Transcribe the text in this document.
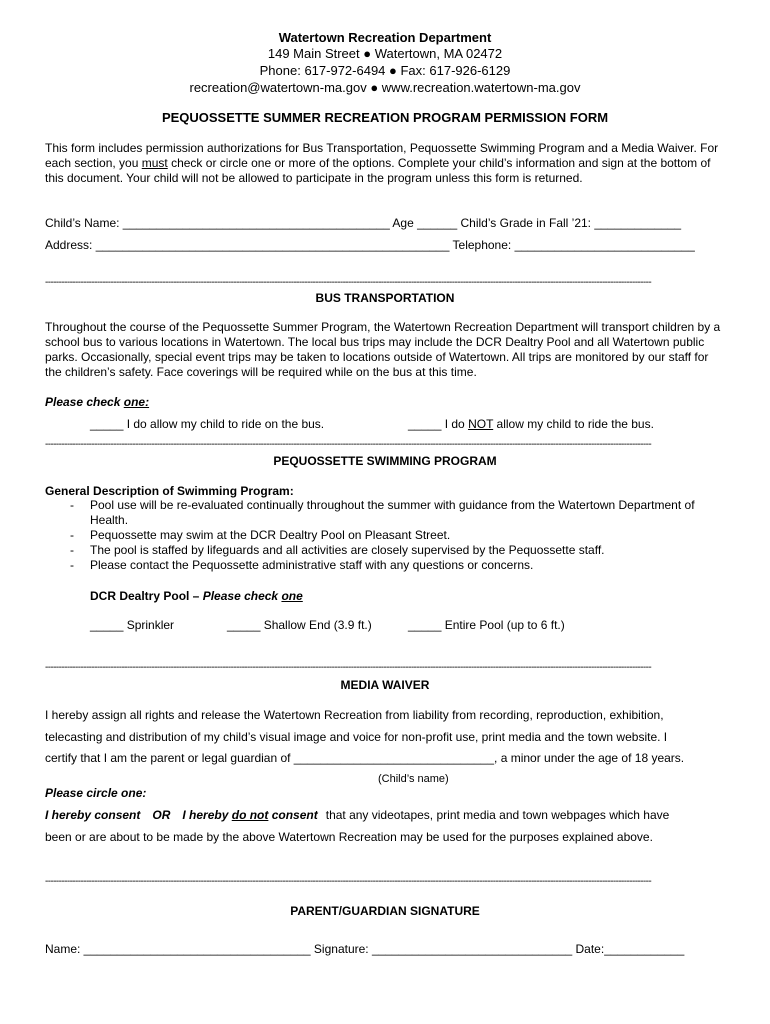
Watertown Recreation Department
149 Main Street ● Watertown, MA 02472
Phone: 617-972-6494 ● Fax: 617-926-6129
recreation@watertown-ma.gov ● www.recreation.watertown-ma.gov
PEQUOSSETTE SUMMER RECREATION PROGRAM PERMISSION FORM
This form includes permission authorizations for Bus Transportation, Pequossette Swimming Program and a Media Waiver. For each section, you must check or circle one or more of the options. Complete your child’s information and sign at the bottom of this document. Your child will not be allowed to participate in the program unless this form is returned.
Child’s Name: ________________________________________ Age ______ Child’s Grade in Fall ’21: _____________
Address: _____________________________________________________ Telephone: ___________________________
------------------------------------------------------------------------------------------------------------------------------------------------------------------------------------------------------------------------------
BUS TRANSPORTATION
Throughout the course of the Pequossette Summer Program, the Watertown Recreation Department will transport children by a school bus to various locations in Watertown. The local bus trips may include the DCR Dealtry Pool and all Watertown public parks. Occasionally, special event trips may be taken to locations outside of Watertown. All trips are monitored by our staff for the children’s safety. Face coverings will be required while on the bus at this time.
Please check one:
_____ I do allow my child to ride on the bus.	_____ I do NOT allow my child to ride the bus.
------------------------------------------------------------------------------------------------------------------------------------------------------------------------------------------------------------------------------
PEQUOSSETTE SWIMMING PROGRAM
General Description of Swimming Program:
- Pool use will be re-evaluated continually throughout the summer with guidance from the Watertown Department of Health.
- Pequossette may swim at the DCR Dealtry Pool on Pleasant Street.
- The pool is staffed by lifeguards and all activities are closely supervised by the Pequossette staff.
- Please contact the Pequossette administrative staff with any questions or concerns.
DCR Dealtry Pool – Please check one
_____ Sprinkler	_____ Shallow End (3.9 ft.)	_____ Entire Pool (up to 6 ft.)
------------------------------------------------------------------------------------------------------------------------------------------------------------------------------------------------------------------------------
MEDIA WAIVER
I hereby assign all rights and release the Watertown Recreation from liability from recording, reproduction, exhibition,
telecasting and distribution of my child’s visual image and voice for non-profit use, print media and the town website. I
certify that I am the parent or legal guardian of ______________________________, a minor under the age of 18 years.
(Child’s name)
Please circle one:
I hereby consent OR I hereby do not consent that any videotapes, print media and town webpages which have
been or are about to be made by the above Watertown Recreation may be used for the purposes explained above.
------------------------------------------------------------------------------------------------------------------------------------------------------------------------------------------------------------------------------
PARENT/GUARDIAN SIGNATURE
Name: __________________________________ Signature: ______________________________ Date:____________
